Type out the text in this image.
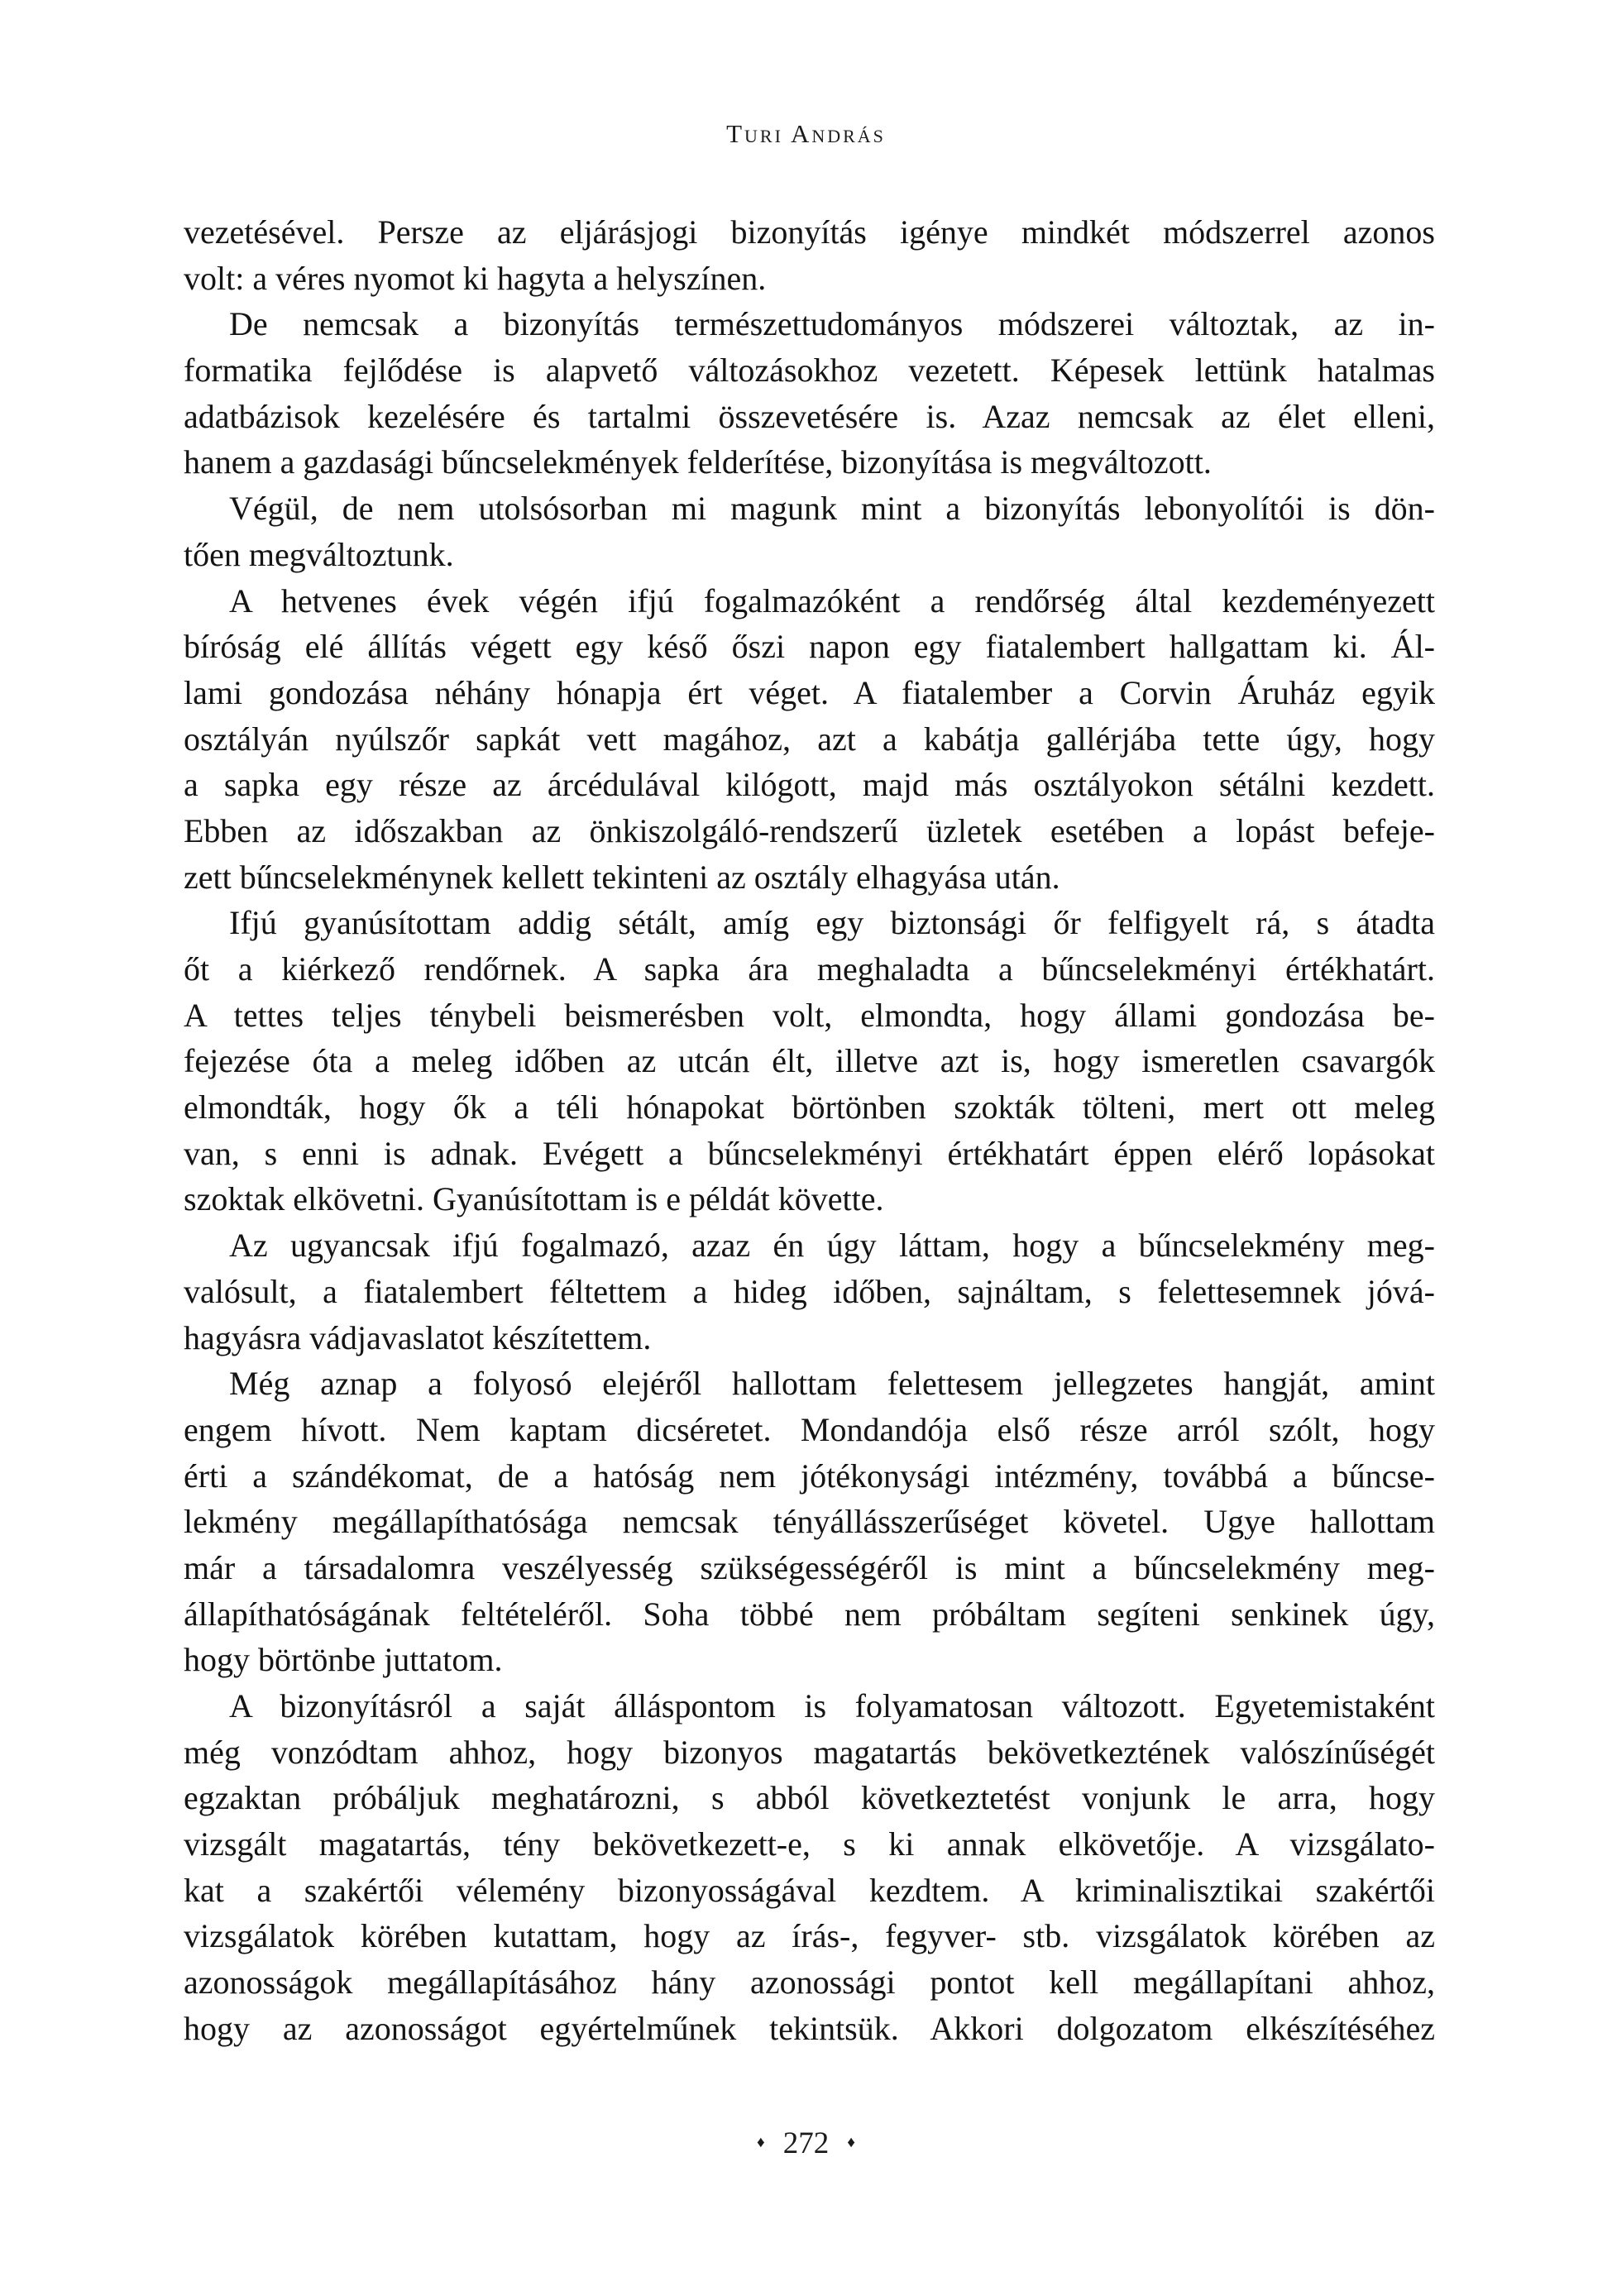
Turi András
vezetésével. Persze az eljárásjogi bizonyítás igénye mindkét módszerrel azonos
volt: a véres nyomot ki hagyta a helyszínen.
De nemcsak a bizonyítás természettudományos módszerei változtak, az in-
formatika fejlődése is alapvető változásokhoz vezetett. Képesek lettünk hatalmas
adatbázisok kezelésére és tartalmi összevetésére is. Azaz nemcsak az élet elleni,
hanem a gazdasági bűncselekmények felderítése, bizonyítása is megváltozott.
Végül, de nem utolsósorban mi magunk mint a bizonyítás lebonyolítói is dön-
tően megváltoztunk.
A hetvenes évek végén ifjú fogalmazóként a rendőrség által kezdeményezett
bíróság elé állítás végett egy késő őszi napon egy fiatalembert hallgattam ki. Ál-
lami gondozása néhány hónapja ért véget. A fiatalember a Corvin Áruház egyik
osztályán nyúlszőr sapkát vett magához, azt a kabátja gallérjába tette úgy, hogy
a sapka egy része az árcédulával kilógott, majd más osztályokon sétálni kezdett.
Ebben az időszakban az önkiszolgáló-rendszerű üzletek esetében a lopást befeje-
zett bűncselekménynek kellett tekinteni az osztály elhagyása után.
Ifjú gyanúsítottam addig sétált, amíg egy biztonsági őr felfigyelt rá, s átadta
őt a kiérkező rendőrnek. A sapka ára meghaladta a bűncselekményi értékhatárt.
A tettes teljes ténybeli beismerésben volt, elmondta, hogy állami gondozása be-
fejezése óta a meleg időben az utcán élt, illetve azt is, hogy ismeretlen csavargók
elmondták, hogy ők a téli hónapokat börtönben szokták tölteni, mert ott meleg
van, s enni is adnak. Evégett a bűncselekményi értékhatárt éppen elérő lopásokat
szoktak elkövetni. Gyanúsítottam is e példát követte.
Az ugyancsak ifjú fogalmazó, azaz én úgy láttam, hogy a bűncselekmény meg-
valósult, a fiatalembert féltettem a hideg időben, sajnáltam, s felettesemnek jóvá-
hagyásra vádjavaslatot készítettem.
Még aznap a folyosó elejéről hallottam felettesem jellegzetes hangját, amint
engem hívott. Nem kaptam dicséretet. Mondandója első része arról szólt, hogy
érti a szándékomat, de a hatóság nem jótékonysági intézmény, továbbá a bűncse-
lekmény megállapíthatósága nemcsak tényállásszerűséget követel. Ugye hallottam
már a társadalomra veszélyesség szükségességéről is mint a bűncselekmény meg-
állapíthatóságának feltételéről. Soha többé nem próbáltam segíteni senkinek úgy,
hogy börtönbe juttatom.
A bizonyításról a saját álláspontom is folyamatosan változott. Egyetemistaként
még vonzódtam ahhoz, hogy bizonyos magatartás bekövetkeztének valószínűségét
egzaktan próbáljuk meghatározni, s abból következtetést vonjunk le arra, hogy
vizsgált magatartás, tény bekövetkezett-e, s ki annak elkövetője. A vizsgálato-
kat a szakértői vélemény bizonyosságával kezdtem. A kriminalisztikai szakértői
vizsgálatok körében kutattam, hogy az írás-, fegyver- stb. vizsgálatok körében az
azonosságok megállapításához hány azonossági pontot kell megállapítani ahhoz,
hogy az azonosságot egyértelműnek tekintsük. Akkori dolgozatom elkészítéséhez
♦ 272 ♦
